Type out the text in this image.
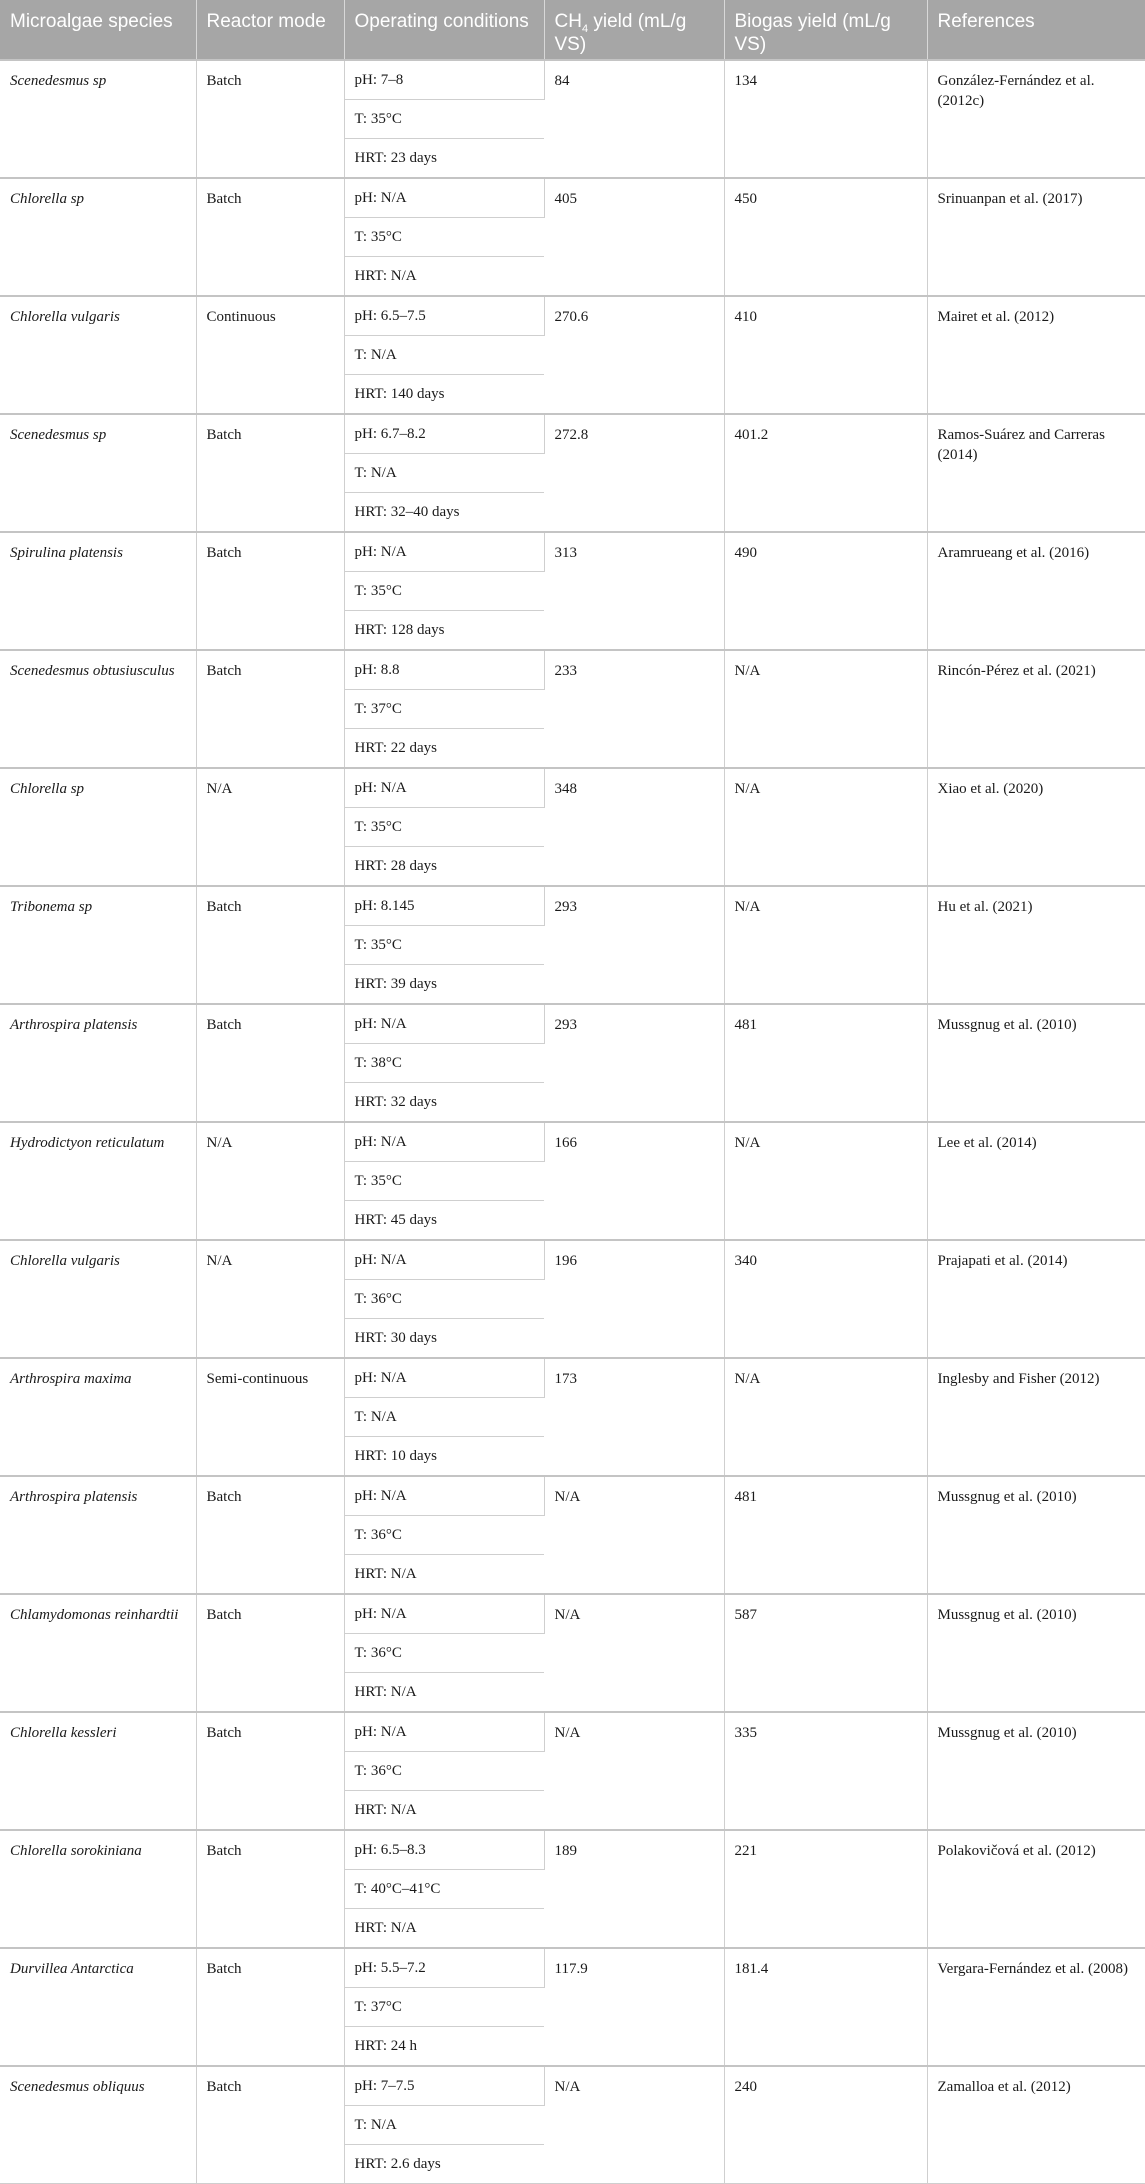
Microalgae species	Reactor mode	Operating conditions	$CH_4$ yield (mL/g VS)	Biogas yield (mL/g VS)	References
Scenedesmus sp	Batch	pH: 7–8	84	134	González-Fernández et al. (2012c)
		T: 35°C			
		HRT: 23 days			
Chlorella sp	Batch	pH: N/A	405	450	Srinuanpan et al. (2017)
		T: 35°C			
		HRT: N/A			
Chlorella vulgaris	Continuous	pH: 6.5–7.5	270.6	410	Mairet et al. (2012)
		T: N/A			
		HRT: 140 days			
Scenedesmus sp	Batch	pH: 6.7–8.2	272.8	401.2	Ramos-Suárez and Carreras (2014)
		T: N/A			
		HRT: 32–40 days			
Spirulina platensis	Batch	pH: N/A	313	490	Aramrueang et al. (2016)
		T: 35°C			
		HRT: 128 days			
Scenedesmus obtusiusculus	Batch	pH: 8.8	233	N/A	Rincón-Pérez et al. (2021)
		T: 37°C			
		HRT: 22 days			
Chlorella sp	N/A	pH: N/A	348	N/A	Xiao et al. (2020)
		T: 35°C			
		HRT: 28 days			
Tribonema sp	Batch	pH: 8.145	293	N/A	Hu et al. (2021)
		T: 35°C			
		HRT: 39 days			
Arthrospira platensis	Batch	pH: N/A	293	481	Mussgnug et al. (2010)
		T: 38°C			
		HRT: 32 days			
Hydrodictyon reticulatum	N/A	pH: N/A	166	N/A	Lee et al. (2014)
		T: 35°C			
		HRT: 45 days			
Chlorella vulgaris	N/A	pH: N/A	196	340	Prajapati et al. (2014)
		T: 36°C			
		HRT: 30 days			
Arthrospira maxima	Semi-continuous	pH: N/A	173	N/A	Inglesby and Fisher (2012)
		T: N/A			
		HRT: 10 days			
Arthrospira platensis	Batch	pH: N/A	N/A	481	Mussgnug et al. (2010)
		T: 36°C			
		HRT: N/A			
Chlamydomonas reinhardtii	Batch	pH: N/A	N/A	587	Mussgnug et al. (2010)
		T: 36°C			
		HRT: N/A			
Chlorella kessleri	Batch	pH: N/A	N/A	335	Mussgnug et al. (2010)
		T: 36°C			
		HRT: N/A			
Chlorella sorokiniana	Batch	pH: 6.5–8.3	189	221	Polakovičová et al. (2012)
		T: 40°C–41°C			
		HRT: N/A			
Durvillea Antarctica	Batch	pH: 5.5–7.2	117.9	181.4	Vergara-Fernández et al. (2008)
		T: 37°C			
		HRT: 24 h			
Scenedesmus obliquus	Batch	pH: 7–7.5	N/A	240	Zamalloa et al. (2012)
		T: N/A			
		HRT: 2.6 days			
